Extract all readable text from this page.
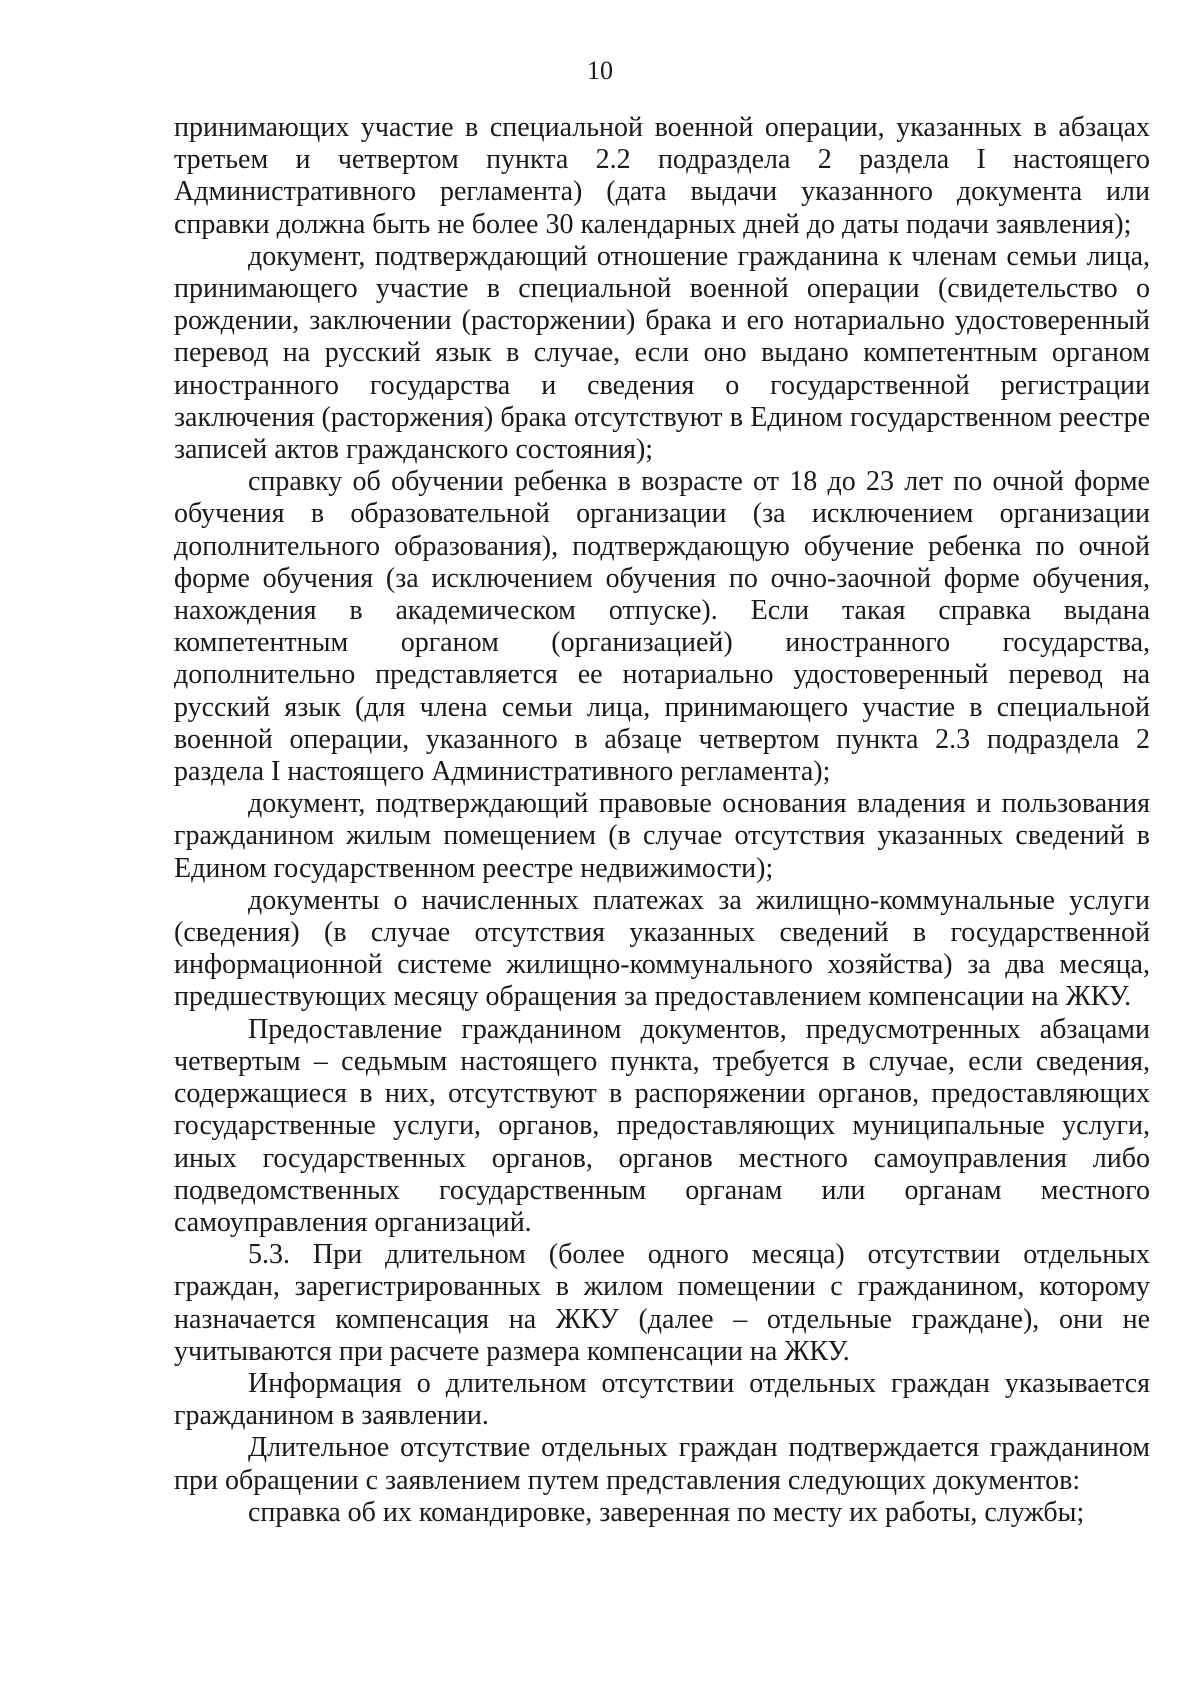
10

принимающих участие в специальной военной операции, указанных в абзацах третьем и четвертом пункта 2.2 подраздела 2 раздела I настоящего Административного регламента) (дата выдачи указанного документа или справки должна быть не более 30 календарных дней до даты подачи заявления);

документ, подтверждающий отношение гражданина к членам семьи лица, принимающего участие в специальной военной операции (свидетельство о рождении, заключении (расторжении) брака и его нотариально удостоверенный перевод на русский язык в случае, если оно выдано компетентным органом иностранного государства и сведения о государственной регистрации заключения (расторжения) брака отсутствуют в Едином государственном реестре записей актов гражданского состояния);

справку об обучении ребенка в возрасте от 18 до 23 лет по очной форме обучения в образовательной организации (за исключением организации дополнительного образования), подтверждающую обучение ребенка по очной форме обучения (за исключением обучения по очно-заочной форме обучения, нахождения в академическом отпуске). Если такая справка выдана компетентным органом (организацией) иностранного государства, дополнительно представляется ее нотариально удостоверенный перевод на русский язык (для члена семьи лица, принимающего участие в специальной военной операции, указанного в абзаце четвертом пункта 2.3 подраздела 2 раздела I настоящего Административного регламента);

документ, подтверждающий правовые основания владения и пользования гражданином жилым помещением (в случае отсутствия указанных сведений в Едином государственном реестре недвижимости);

документы о начисленных платежах за жилищно-коммунальные услуги (сведения) (в случае отсутствия указанных сведений в государственной информационной системе жилищно-коммунального хозяйства) за два месяца, предшествующих месяцу обращения за предоставлением компенсации на ЖКУ.

Предоставление гражданином документов, предусмотренных абзацами четвертым – седьмым настоящего пункта, требуется в случае, если сведения, содержащиеся в них, отсутствуют в распоряжении органов, предоставляющих государственные услуги, органов, предоставляющих муниципальные услуги, иных государственных органов, органов местного самоуправления либо подведомственных государственным органам или органам местного самоуправления организаций.

5.3. При длительном (более одного месяца) отсутствии отдельных граждан, зарегистрированных в жилом помещении с гражданином, которому назначается компенсация на ЖКУ (далее – отдельные граждане), они не учитываются при расчете размера компенсации на ЖКУ.

Информация о длительном отсутствии отдельных граждан указывается гражданином в заявлении.

Длительное отсутствие отдельных граждан подтверждается гражданином при обращении с заявлением путем представления следующих документов:

справка об их командировке, заверенная по месту их работы, службы;
